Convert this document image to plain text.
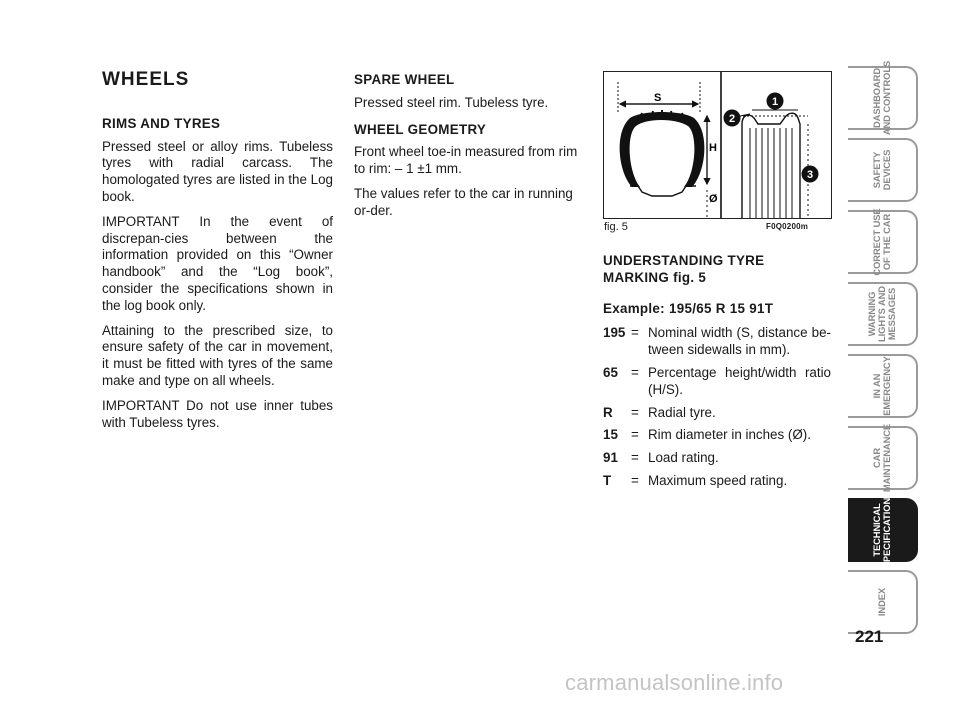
WHEELS
RIMS AND TYRES

Pressed steel or alloy rims. Tubeless tyres with radial carcass. The homologated tyres are listed in the Log book.

IMPORTANT In the event of discrepan-cies between the information provided on this “Owner handbook” and the “Log book”, consider the specifications shown in the log book only.

Attaining to the prescribed size, to ensure safety of the car in movement, it must be fitted with tyres of the same make and type on all wheels.

IMPORTANT Do not use inner tubes with Tubeless tyres.

SPARE WHEEL

Pressed steel rim. Tubeless tyre.

WHEEL GEOMETRY

Front wheel toe-in measured from rim to rim: – 1 ±1 mm.

The values refer to the car in running or-der.

S
H
Ø
1
2
3
fig. 5	F0Q0200m
UNDERSTANDING TYRE
MARKING fig. 5
Example: 195/65 R 15 91T
195 = Nominal width (S, distance be-tween sidewalls in mm).
65 = Percentage height/width ratio (H/S).
R	= Radial tyre.
15 = Rim diameter in inches (Ø).
91 = Load rating.
T	= Maximum speed rating.
DASHBOARD
AND CONTROLS
SAFETY
DEVICES
CORRECT USE
OF THE CAR
WARNING
LIGHTS AND
MESSAGES
IN AN
EMERGENCY
CAR
MAINTENANCE
TECHNICAL
SPECIFICATIONS
INDEX
221
carmanualsonline.info
